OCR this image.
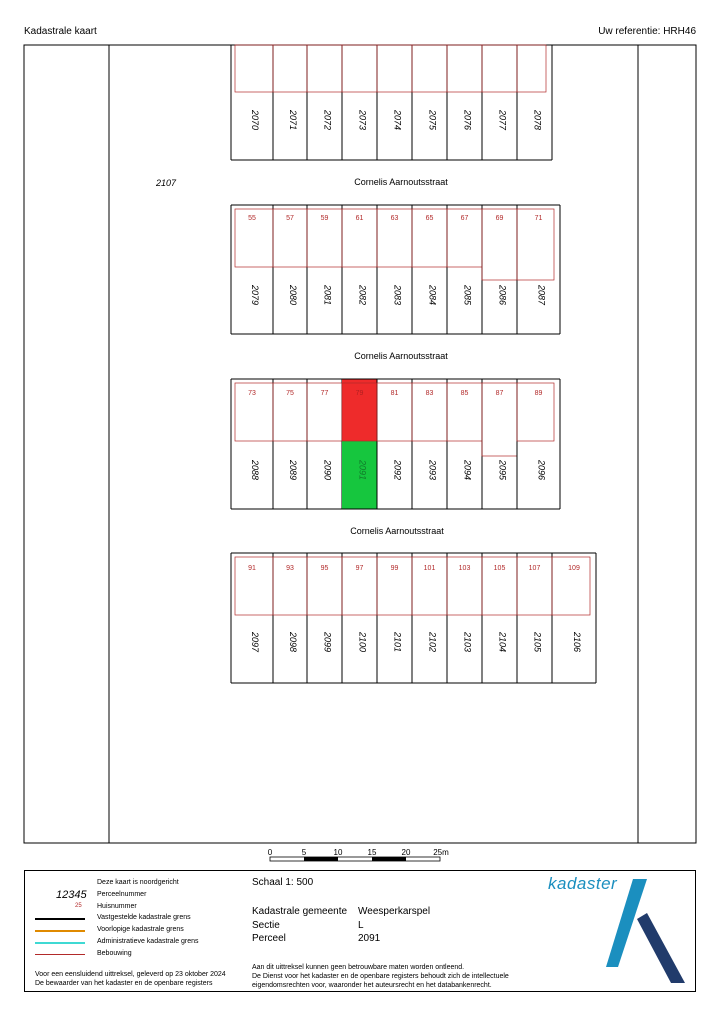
Kadastrale kaart	Uw referentie: HRH46
2107	Cornelis Aarnoutsstraat
Cornelis Aarnoutsstraat
Cornelis Aarnoutsstraat
2070	2071	2072	2073	2074	2075	2076	2077	2078
2079
55
2080
57
2081
59
2082
61
2083
63
2084
65
2085
67
2086
69
2087
71
2088
73
2089
75
2090
77
2091
79
2092
81
2093
83
2094
85
2095
87
2096
89
2097
91
2098
93
2099
95
2100
97
2101
99
2102
101
2103
103
2104
105
2105
107
2106
109
0	5	10	15	20	25m
Deze kaart is noordgericht
12345 Perceelnummer
25 Huisnummer
Vastgestelde kadastrale grens
Voorlopige kadastrale grens
Administratieve kadastrale grens
Bebouwing
Voor een eensluidend uittreksel, geleverd op 23 oktober 2024
De bewaarder van het kadaster en de openbare registers
Schaal 1: 500
Kadastrale gemeente Weesperkarspel
Sectie	L
Perceel	2091
Aan dit uittreksel kunnen geen betrouwbare maten worden ontleend.
De Dienst voor het kadaster en de openbare registers behoudt zich de intellectuele
eigendomsrechten voor, waaronder het auteursrecht en het databankenrecht.
kadaster
